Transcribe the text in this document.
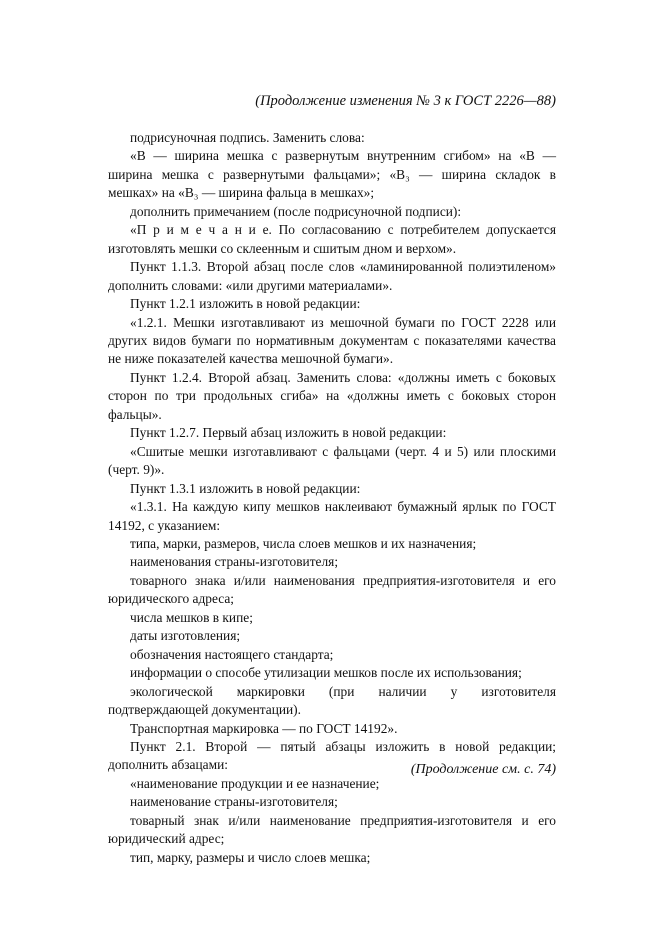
(Продолжение изменения № 3 к ГОСТ 2226—88)

подрисуночная подпись. Заменить слова:

«B — ширина мешка с развернутым внутренним сгибом» на «B — ширина мешка с развернутыми фальцами»; «B₃ — ширина складок в мешках» на «B₃ — ширина фальца в мешках»;

дополнить примечанием (после подрисуночной подписи):

«П р и м е ч а н и е. По согласованию с потребителем допускается изготовлять мешки со склеенным и сшитым дном и верхом».

Пункт 1.1.3. Второй абзац после слов «ламинированной полиэтиленом» дополнить словами: «или другими материалами».

Пункт 1.2.1 изложить в новой редакции:

«1.2.1. Мешки изготавливают из мешочной бумаги по ГОСТ 2228 или других видов бумаги по нормативным документам с показателями качества не ниже показателей качества мешочной бумаги».

Пункт 1.2.4. Второй абзац. Заменить слова: «должны иметь с боковых сторон по три продольных сгиба» на «должны иметь с боковых сторон фальцы».

Пункт 1.2.7. Первый абзац изложить в новой редакции:

«Сшитые мешки изготавливают с фальцами (черт. 4 и 5) или плоскими (черт. 9)».

Пункт 1.3.1 изложить в новой редакции:

«1.3.1. На каждую кипу мешков наклеивают бумажный ярлык по ГОСТ 14192, с указанием:

типа, марки, размеров, числа слоев мешков и их назначения;

наименования страны-изготовителя;

товарного знака и/или наименования предприятия-изготовителя и его юридического адреса;

числа мешков в кипе;

даты изготовления;

обозначения настоящего стандарта;

информации о способе утилизации мешков после их использования;

экологической маркировки (при наличии у изготовителя подтверждающей документации).

Транспортная маркировка — по ГОСТ 14192».

Пункт 2.1. Второй — пятый абзацы изложить в новой редакции; дополнить абзацами:

«наименование продукции и ее назначение;

наименование страны-изготовителя;

товарный знак и/или наименование предприятия-изготовителя и его юридический адрес;

тип, марку, размеры и число слоев мешка;

(Продолжение см. с. 74)
